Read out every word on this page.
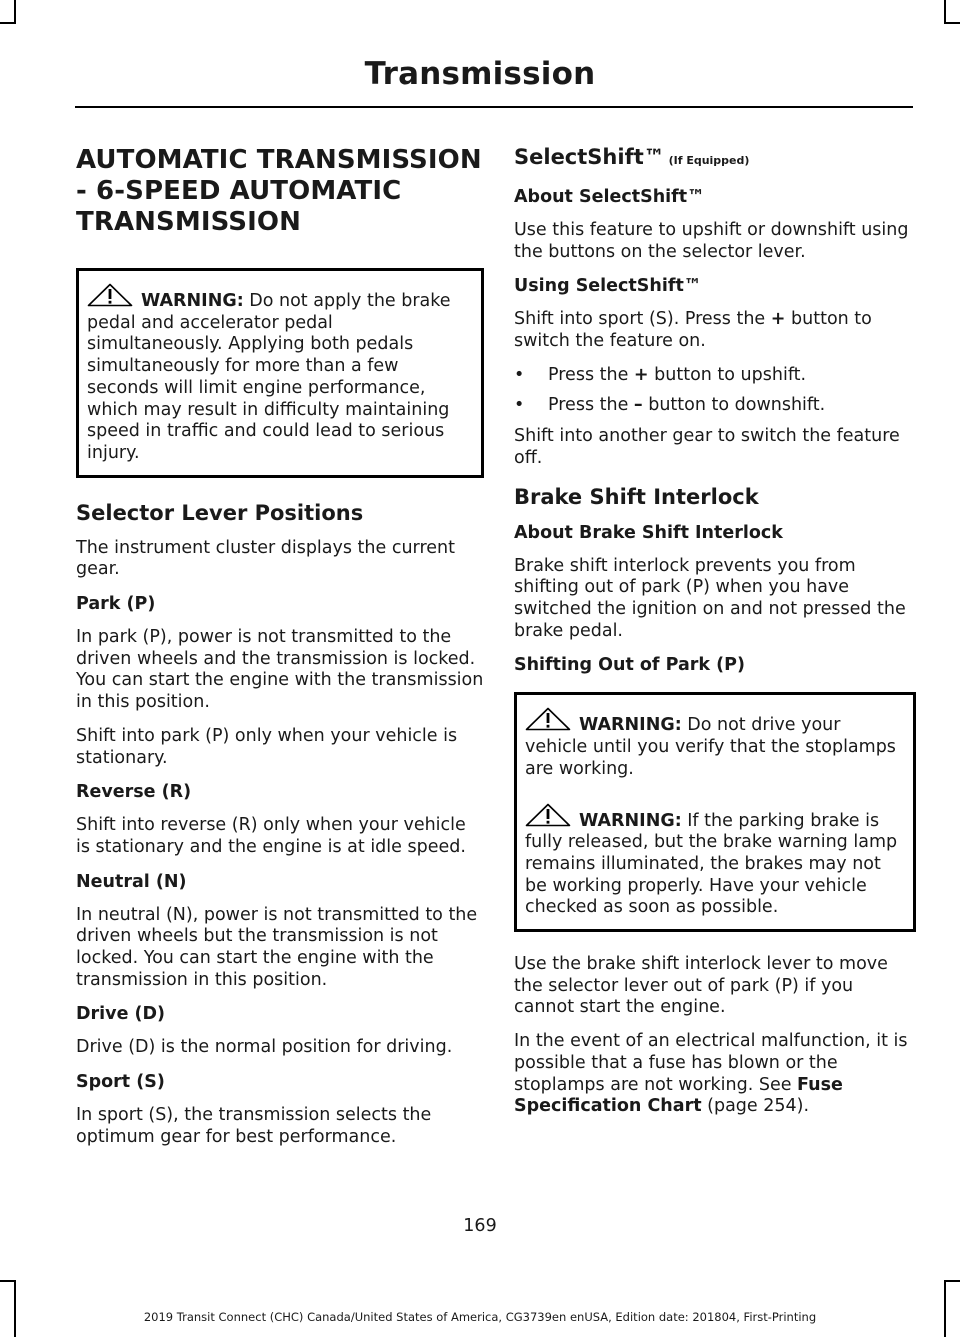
Transmission
AUTOMATIC TRANSMISSION - 6-SPEED AUTOMATIC TRANSMISSION

WARNING: Do not apply the brake pedal and accelerator pedal simultaneously. Applying both pedals simultaneously for more than a few seconds will limit engine performance, which may result in difficulty maintaining speed in traffic and could lead to serious injury.

Selector Lever Positions

The instrument cluster displays the current gear.

Park (P)

In park (P), power is not transmitted to the driven wheels and the transmission is locked. You can start the engine with the transmission in this position.

Shift into park (P) only when your vehicle is stationary.

Reverse (R)

Shift into reverse (R) only when your vehicle is stationary and the engine is at idle speed.

Neutral (N)

In neutral (N), power is not transmitted to the driven wheels but the transmission is not locked. You can start the engine with the transmission in this position.

Drive (D)

Drive (D) is the normal position for driving.

Sport (S)

In sport (S), the transmission selects the optimum gear for best performance.

SelectShift™ (If Equipped)
About SelectShift™

Use this feature to upshift or downshift using the buttons on the selector lever.

Using SelectShift™

Shift into sport (S). Press the + button to switch the feature on.

•	Press the + button to upshift.
•	Press the – button to downshift.

Shift into another gear to switch the feature off.

Brake Shift Interlock
About Brake Shift Interlock

Brake shift interlock prevents you from shifting out of park (P) when you have switched the ignition on and not pressed the brake pedal.

Shifting Out of Park (P)

WARNING: Do not drive your vehicle until you verify that the stoplamps are working.

WARNING: If the parking brake is fully released, but the brake warning lamp remains illuminated, the brakes may not be working properly. Have your vehicle checked as soon as possible.

Use the brake shift interlock lever to move the selector lever out of park (P) if you cannot start the engine.

In the event of an electrical malfunction, it is possible that a fuse has blown or the stoplamps are not working. See Fuse Specification Chart (page 254).

169
2019 Transit Connect (CHC) Canada/United States of America, CG3739en enUSA, Edition date: 201804, First-Printing
